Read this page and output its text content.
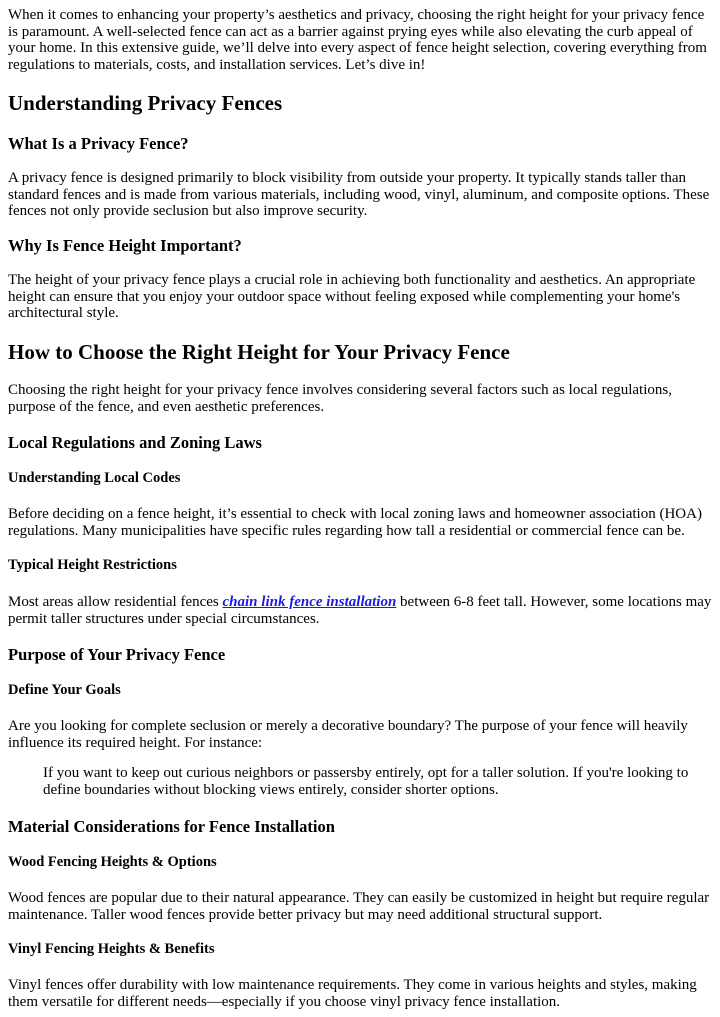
When it comes to enhancing your property’s aesthetics and privacy, choosing the right height for your privacy fence is paramount. A well-selected fence can act as a barrier against prying eyes while also elevating the curb appeal of your home. In this extensive guide, we’ll delve into every aspect of fence height selection, covering everything from regulations to materials, costs, and installation services. Let’s dive in!

Understanding Privacy Fences
What Is a Privacy Fence?

A privacy fence is designed primarily to block visibility from outside your property. It typically stands taller than standard fences and is made from various materials, including wood, vinyl, aluminum, and composite options. These fences not only provide seclusion but also improve security.

Why Is Fence Height Important?

The height of your privacy fence plays a crucial role in achieving both functionality and aesthetics. An appropriate height can ensure that you enjoy your outdoor space without feeling exposed while complementing your home's architectural style.

How to Choose the Right Height for Your Privacy Fence

Choosing the right height for your privacy fence involves considering several factors such as local regulations, purpose of the fence, and even aesthetic preferences.

Local Regulations and Zoning Laws
Understanding Local Codes

Before deciding on a fence height, it’s essential to check with local zoning laws and homeowner association (HOA) regulations. Many municipalities have specific rules regarding how tall a residential or commercial fence can be.

Typical Height Restrictions

Most areas allow residential fences chain link fence installation between 6-8 feet tall. However, some locations may permit taller structures under special circumstances.

Purpose of Your Privacy Fence
Define Your Goals

Are you looking for complete seclusion or merely a decorative boundary? The purpose of your fence will heavily influence its required height. For instance:

If you want to keep out curious neighbors or passersby entirely, opt for a taller solution. If you're looking to define boundaries without blocking views entirely, consider shorter options.
Material Considerations for Fence Installation
Wood Fencing Heights & Options

Wood fences are popular due to their natural appearance. They can easily be customized in height but require regular maintenance. Taller wood fences provide better privacy but may need additional structural support.

Vinyl Fencing Heights & Benefits

Vinyl fences offer durability with low maintenance requirements. They come in various heights and styles, making them versatile for different needs—especially if you choose vinyl privacy fence installation.
